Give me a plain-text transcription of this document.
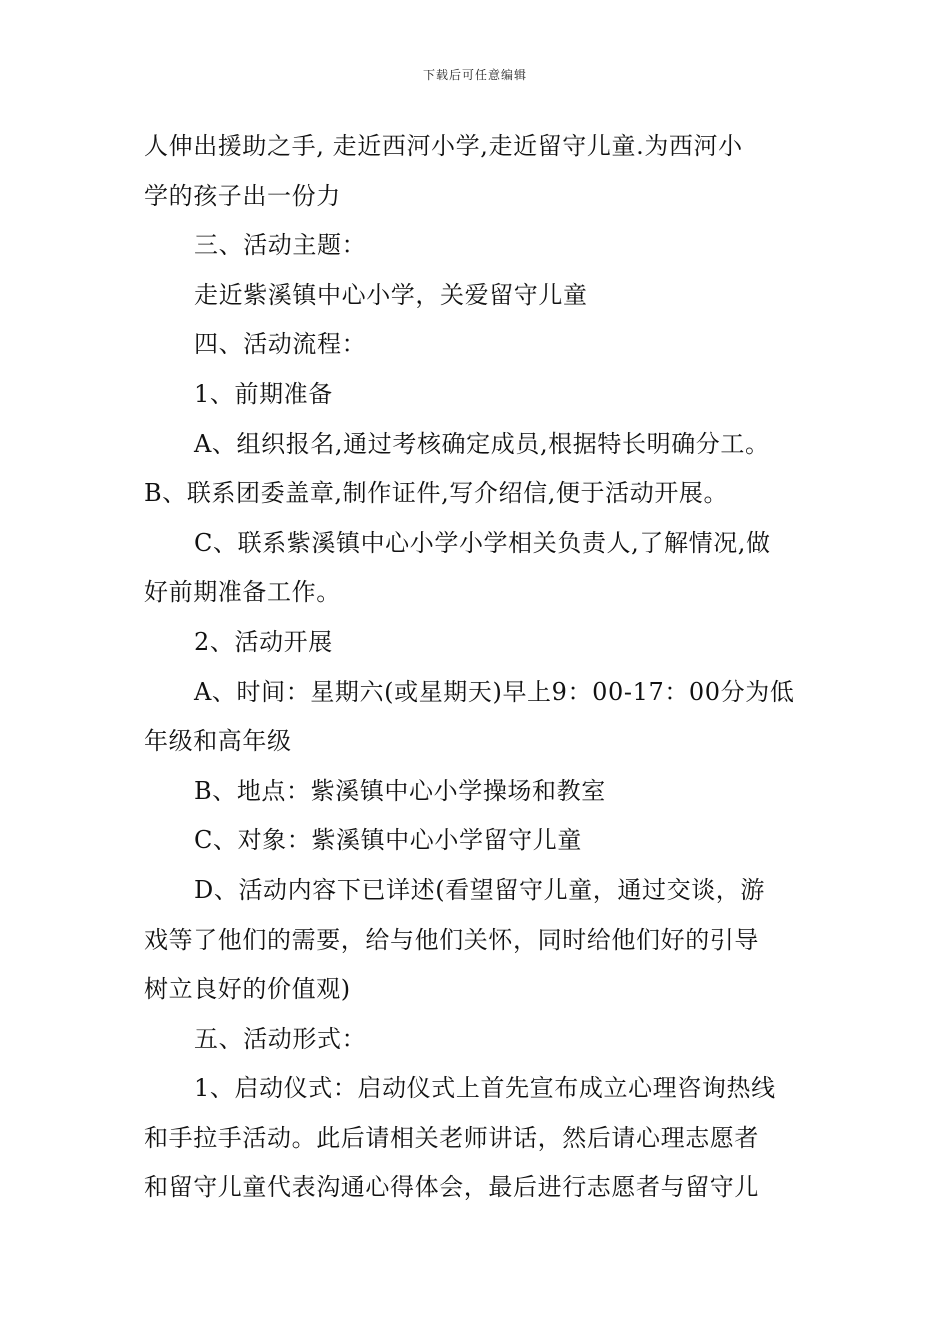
下载后可任意编辑
人伸出援助之手, 走近西河小学,走近留守儿童.为西河小
学的孩子出一份力
三、活动主题：
走近紫溪镇中心小学，关爱留守儿童
四、活动流程：
1、前期准备
A、组织报名,通过考核确定成员,根据特长明确分工。
B、联系团委盖章,制作证件,写介绍信,便于活动开展。
C、联系紫溪镇中心小学小学相关负责人,了解情况,做
好前期准备工作。
2、活动开展
A、时间：星期六(或星期天)早上9：00-17：00分为低
年级和高年级
B、地点：紫溪镇中心小学操场和教室
C、对象：紫溪镇中心小学留守儿童
D、活动内容下已详述(看望留守儿童，通过交谈，游
戏等了他们的需要，给与他们关怀，同时给他们好的引导
树立良好的价值观)
五、活动形式：
1、启动仪式：启动仪式上首先宣布成立心理咨询热线
和手拉手活动。此后请相关老师讲话，然后请心理志愿者
和留守儿童代表沟通心得体会，最后进行志愿者与留守儿
